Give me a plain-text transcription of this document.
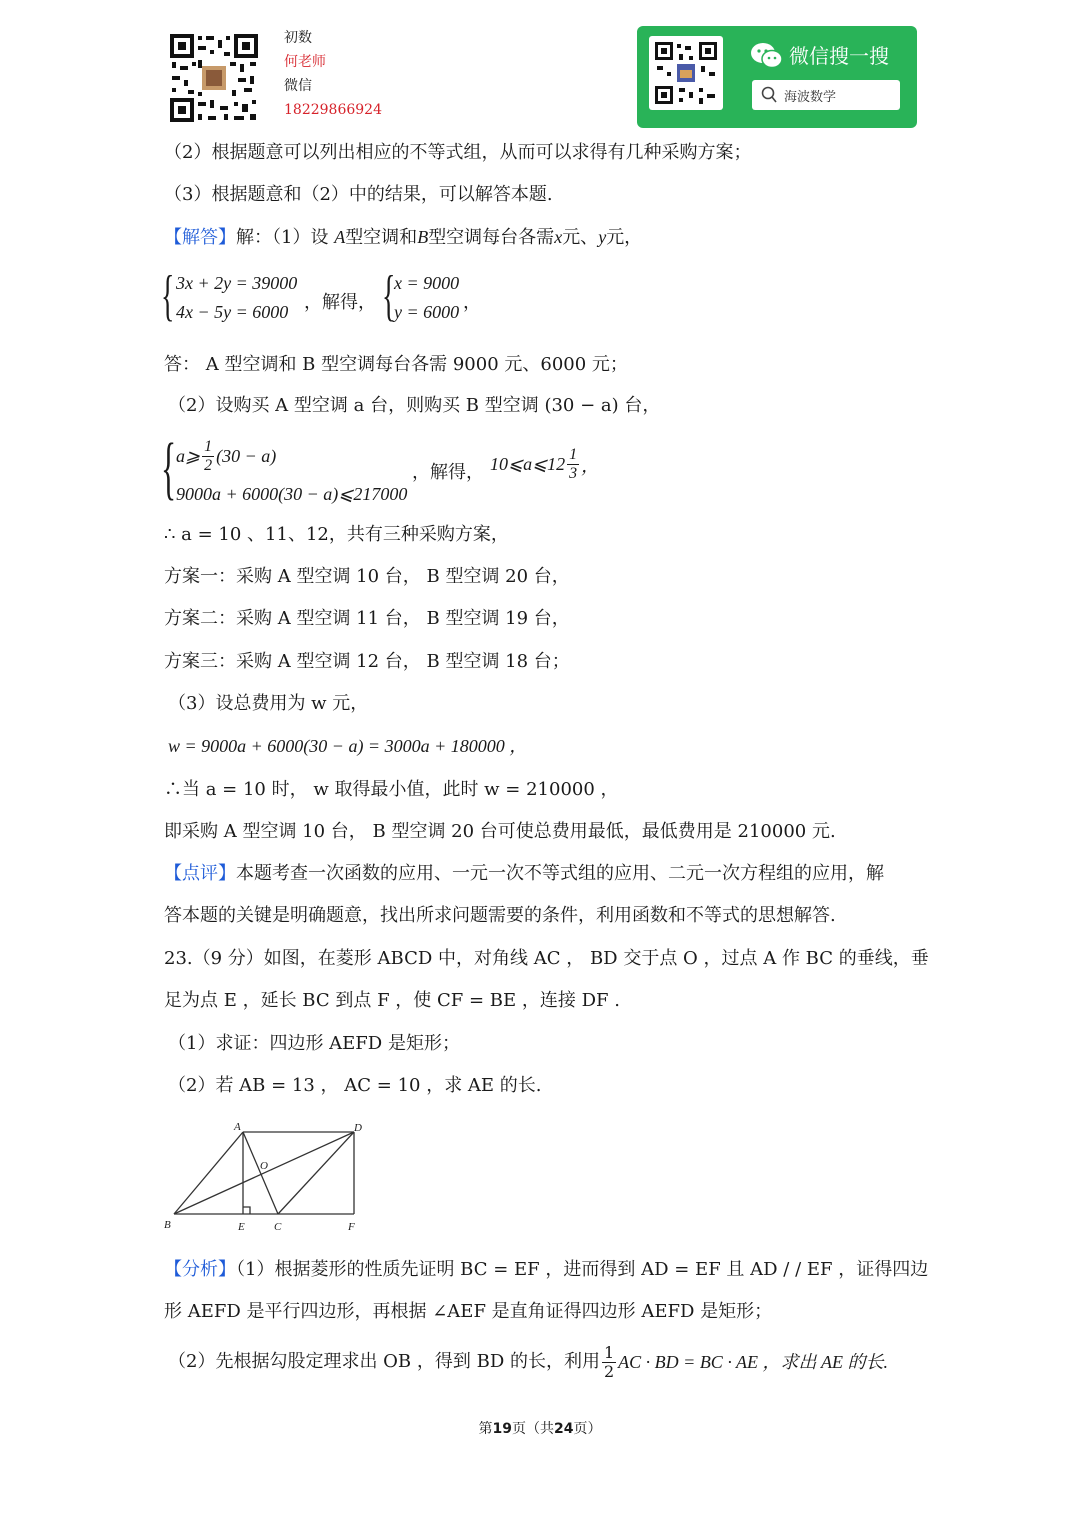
初数
何老师
微信
18229866924
微信搜一搜
海波数学
（2）根据题意可以列出相应的不等式组，从而可以求得有几种采购方案；
（3）根据题意和（2）中的结果，可以解答本题.
【解答】解：（1）设 A型空调和B型空调每台各需x元、y元，
{ 3x + 2y = 39000
4x − 5y = 6000 ，解得， {
x = 9000
y = 6000 ，
答： A 型空调和 B 型空调每台各需 9000 元、6000 元；
（2）设购买 A 型空调 a 台，则购买 B 型空调 (30 − a) 台，
{ a⩾ $\frac{1}{2} (30 - a)$
9000a + 6000(30 − a)⩽217000
，解得， 10⩽a⩽12 $\frac{1}{3}$ ，
∴ a = 10 、11、12，共有三种采购方案，
方案一：采购 A 型空调 10 台， B 型空调 20 台，
方案二：采购 A 型空调 11 台， B 型空调 19 台，
方案三：采购 A 型空调 12 台， B 型空调 18 台；
（3）设总费用为 w 元，
w = 9000a + 6000(30 − a) = 3000a + 180000 ，
∴当 a = 10 时， w 取得最小值，此时 w = 210000 ，
即采购 A 型空调 10 台， B 型空调 20 台可使总费用最低，最低费用是 210000 元.
【点评】本题考查一次函数的应用、一元一次不等式组的应用、二元一次方程组的应用，解
答本题的关键是明确题意，找出所求问题需要的条件，利用函数和不等式的思想解答.
23.（9 分）如图，在菱形 ABCD 中，对角线 AC ， BD 交于点 O ，过点 A 作 BC 的垂线，垂
足为点 E ，延长 BC 到点 F ，使 CF = BE ，连接 DF .
（1）求证：四边形 AEFD 是矩形；
（2）若 AB = 13 ， AC = 10 ，求 AE 的长.
A	D
O
B	E	C	F
【分析】（1）根据菱形的性质先证明 BC = EF ，进而得到 AD = EF 且 AD / / EF ，证得四边
形 AEFD 是平行四边形，再根据 ∠AEF 是直角证得四边形 AEFD 是矩形；
（2）先根据勾股定理求出 OB ，得到 BD 的长，利用 $\frac{1}{2}$ AC · BD = BC · AE ，求出 AE 的长.
第19页（共24页）
